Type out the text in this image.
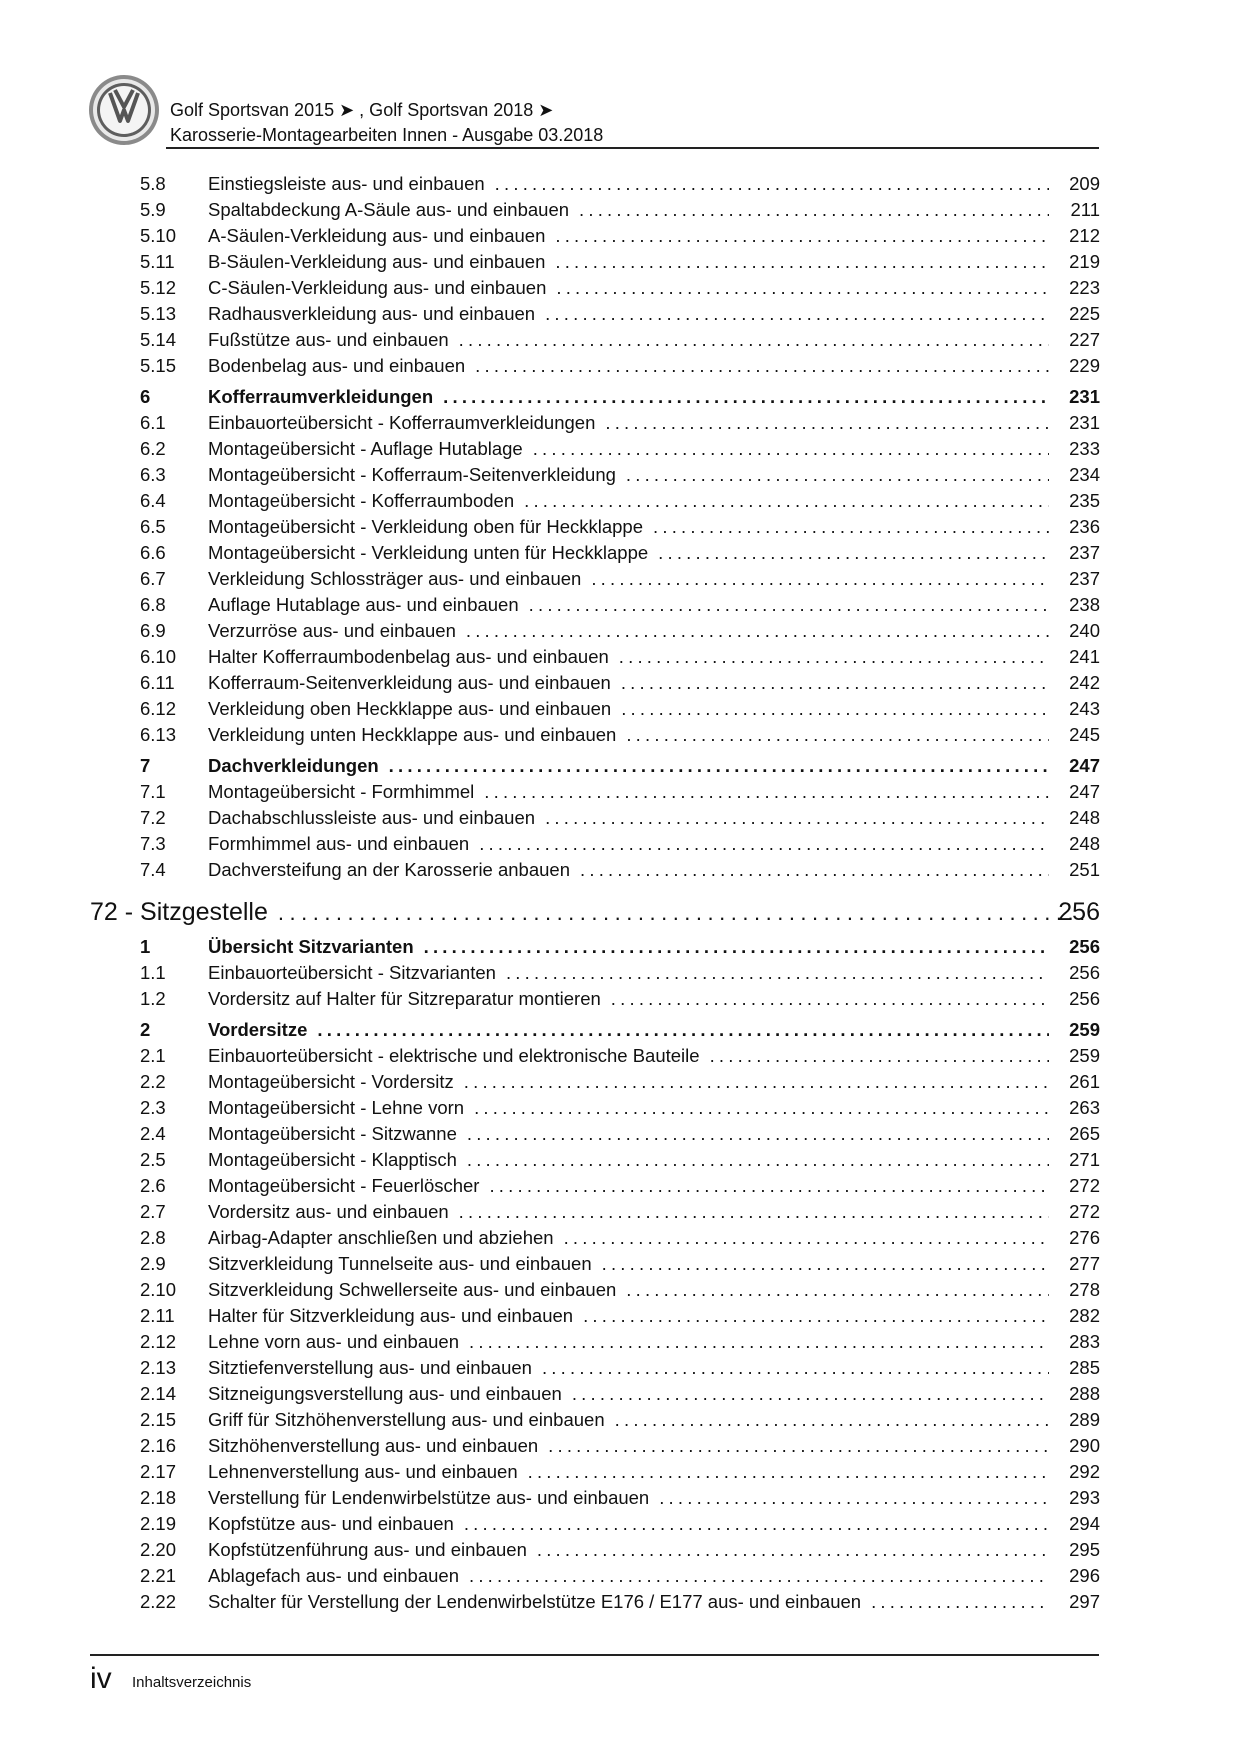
Golf Sportsvan 2015 ➤ , Golf Sportsvan 2018 ➤
Karosserie-Montagearbeiten Innen - Ausgabe 03.2018
5.8 Einstiegsleiste aus- und einbauen .....	209
5.9 Spaltabdeckung A-Säule aus- und einbauen .....	211
5.10 A-Säulen-Verkleidung aus- und einbauen .....	212
5.11 B-Säulen-Verkleidung aus- und einbauen .....	219
5.12 C-Säulen-Verkleidung aus- und einbauen .....	223
5.13 Radhausverkleidung aus- und einbauen .....	225
5.14 Fußstütze aus- und einbauen .....	227
5.15 Bodenbelag aus- und einbauen .....	229
6	Kofferraumverkleidungen .....	231
6.1 Einbauorteübersicht - Kofferraumverkleidungen .....	231
6.2 Montageübersicht - Auflage Hutablage .....	233
6.3 Montageübersicht - Kofferraum-Seitenverkleidung .....	234
6.4 Montageübersicht - Kofferraumboden .....	235
6.5 Montageübersicht - Verkleidung oben für Heckklappe .....	236
6.6 Montageübersicht - Verkleidung unten für Heckklappe .....	237
6.7 Verkleidung Schlossträger aus- und einbauen .....	237
6.8 Auflage Hutablage aus- und einbauen .....	238
6.9 Verzurröse aus- und einbauen .....	240
6.10 Halter Kofferraumbodenbelag aus- und einbauen .....	241
6.11 Kofferraum-Seitenverkleidung aus- und einbauen .....	242
6.12 Verkleidung oben Heckklappe aus- und einbauen .....	243
6.13 Verkleidung unten Heckklappe aus- und einbauen .....	245
7	Dachverkleidungen .....	247
7.1 Montageübersicht - Formhimmel .....	247
7.2 Dachabschlussleiste aus- und einbauen .....	248
7.3 Formhimmel aus- und einbauen .....	248
7.4 Dachversteifung an der Karosserie anbauen .....	251
72 - Sitzgestelle .....	256
1	Übersicht Sitzvarianten .....	256
1.1 Einbauorteübersicht - Sitzvarianten .....	256
1.2 Vordersitz auf Halter für Sitzreparatur montieren .....	256
2	Vordersitze .....	259
2.1 Einbauorteübersicht - elektrische und elektronische Bauteile .....	259
2.2 Montageübersicht - Vordersitz .....	261
2.3 Montageübersicht - Lehne vorn .....	263
2.4 Montageübersicht - Sitzwanne .....	265
2.5 Montageübersicht - Klapptisch .....	271
2.6 Montageübersicht - Feuerlöscher .....	272
2.7 Vordersitz aus- und einbauen .....	272
2.8 Airbag-Adapter anschließen und abziehen .....	276
2.9 Sitzverkleidung Tunnelseite aus- und einbauen .....	277
2.10 Sitzverkleidung Schwellerseite aus- und einbauen .....	278
2.11 Halter für Sitzverkleidung aus- und einbauen .....	282
2.12 Lehne vorn aus- und einbauen .....	283
2.13 Sitztiefenverstellung aus- und einbauen .....	285
2.14 Sitzneigungsverstellung aus- und einbauen .....	288
2.15 Griff für Sitzhöhenverstellung aus- und einbauen .....	289
2.16 Sitzhöhenverstellung aus- und einbauen .....	290
2.17 Lehnenverstellung aus- und einbauen .....	292
2.18 Verstellung für Lendenwirbelstütze aus- und einbauen .....	293
2.19 Kopfstütze aus- und einbauen .....	294
2.20 Kopfstützenführung aus- und einbauen .....	295
2.21 Ablagefach aus- und einbauen .....	296
2.22 Schalter für Verstellung der Lendenwirbelstütze E176 / E177 aus- und einbauen .....	297
iv Inhaltsverzeichnis
